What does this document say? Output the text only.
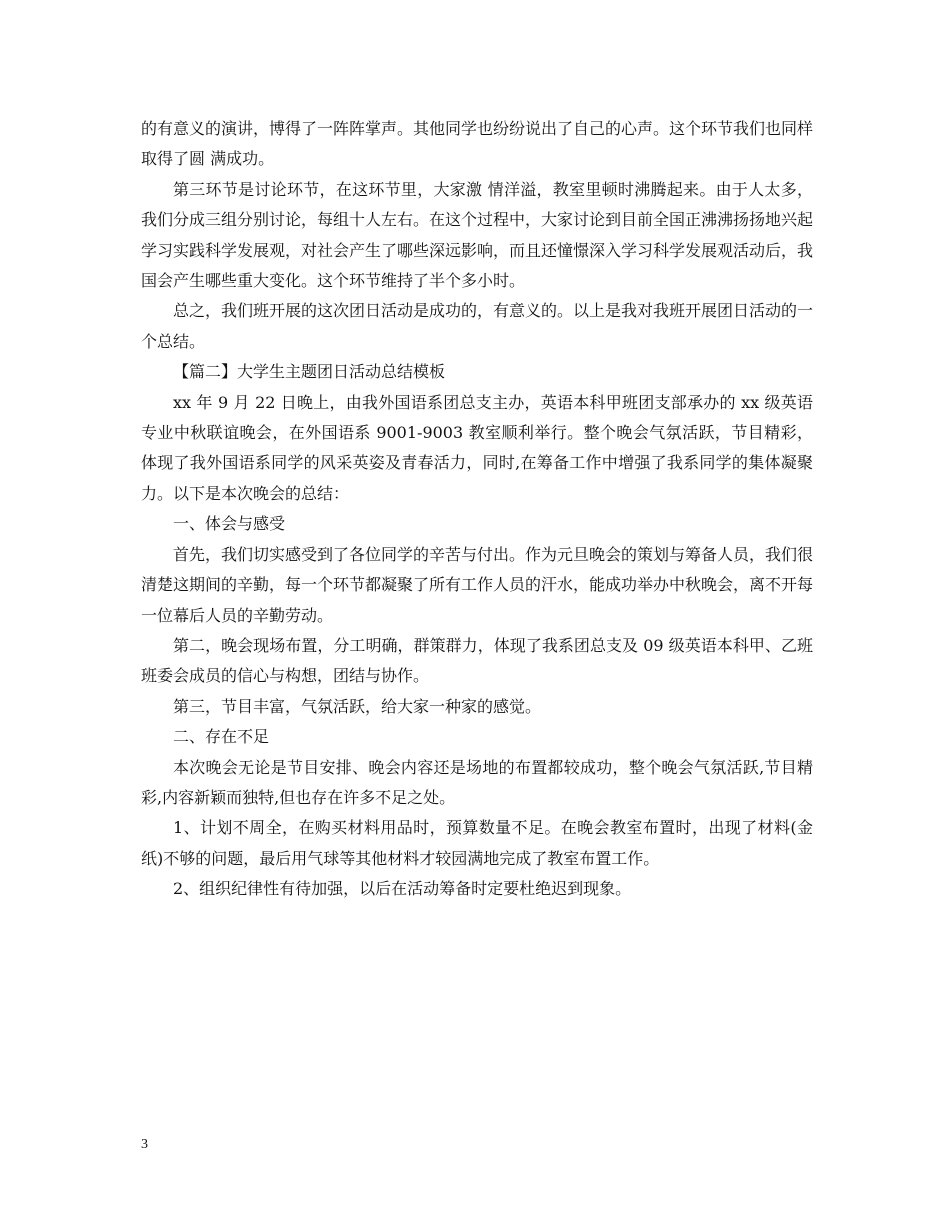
的有意义的演讲，博得了一阵阵掌声。其他同学也纷纷说出了自己的心声。这个环节我们也同样取得了圆 满成功。

第三环节是讨论环节，在这环节里，大家激 情洋溢，教室里顿时沸腾起来。由于人太多，我们分成三组分别讨论，每组十人左右。在这个过程中，大家讨论到目前全国正沸沸扬扬地兴起学习实践科学发展观，对社会产生了哪些深远影响，而且还憧憬深入学习科学发展观活动后，我国会产生哪些重大变化。这个环节维持了半个多小时。

总之，我们班开展的这次团日活动是成功的，有意义的。以上是我对我班开展团日活动的一个总结。

【篇二】大学生主题团日活动总结模板

xx 年 9 月 22 日晚上，由我外国语系团总支主办，英语本科甲班团支部承办的 xx 级英语专业中秋联谊晚会，在外国语系 9001-9003 教室顺利举行。整个晚会气氛活跃，节目精彩，体现了我外国语系同学的风采英姿及青春活力，同时,在筹备工作中增强了我系同学的集体凝聚力。以下是本次晚会的总结：

一、体会与感受

首先，我们切实感受到了各位同学的辛苦与付出。作为元旦晚会的策划与筹备人员，我们很清楚这期间的辛勤，每一个环节都凝聚了所有工作人员的汗水，能成功举办中秋晚会，离不开每一位幕后人员的辛勤劳动。

第二，晚会现场布置，分工明确，群策群力，体现了我系团总支及 09 级英语本科甲、乙班班委会成员的信心与构想，团结与协作。

第三，节目丰富，气氛活跃，给大家一种家的感觉。

二、存在不足

本次晚会无论是节目安排、晚会内容还是场地的布置都较成功，整个晚会气氛活跃,节目精彩,内容新颖而独特,但也存在许多不足之处。

1、计划不周全，在购买材料用品时，预算数量不足。在晚会教室布置时，出现了材料(金纸)不够的问题，最后用气球等其他材料才较园满地完成了教室布置工作。

2、组织纪律性有待加强，以后在活动筹备时定要杜绝迟到现象。

3
